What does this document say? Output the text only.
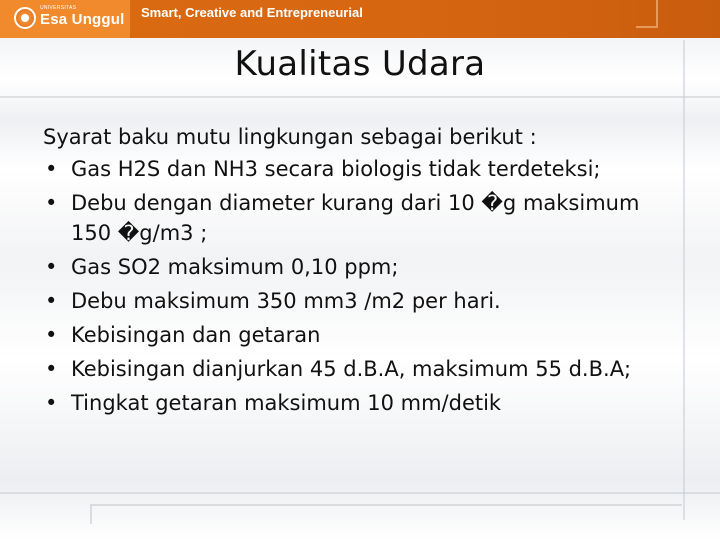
UNIVERSITAS
Esa Unggul Smart, Creative and Entrepreneurial
Kualitas Udara

Syarat baku mutu lingkungan sebagai berikut :

• Gas H2S dan NH3 secara biologis tidak terdeteksi;
• Debu dengan diameter kurang dari 10 �g maksimum 150 �g/m3 ;
• Gas SO2 maksimum 0,10 ppm;
• Debu maksimum 350 mm3 /m2 per hari.
• Kebisingan dan getaran
• Kebisingan dianjurkan 45 d.B.A, maksimum 55 d.B.A;
• Tingkat getaran maksimum 10 mm/detik
